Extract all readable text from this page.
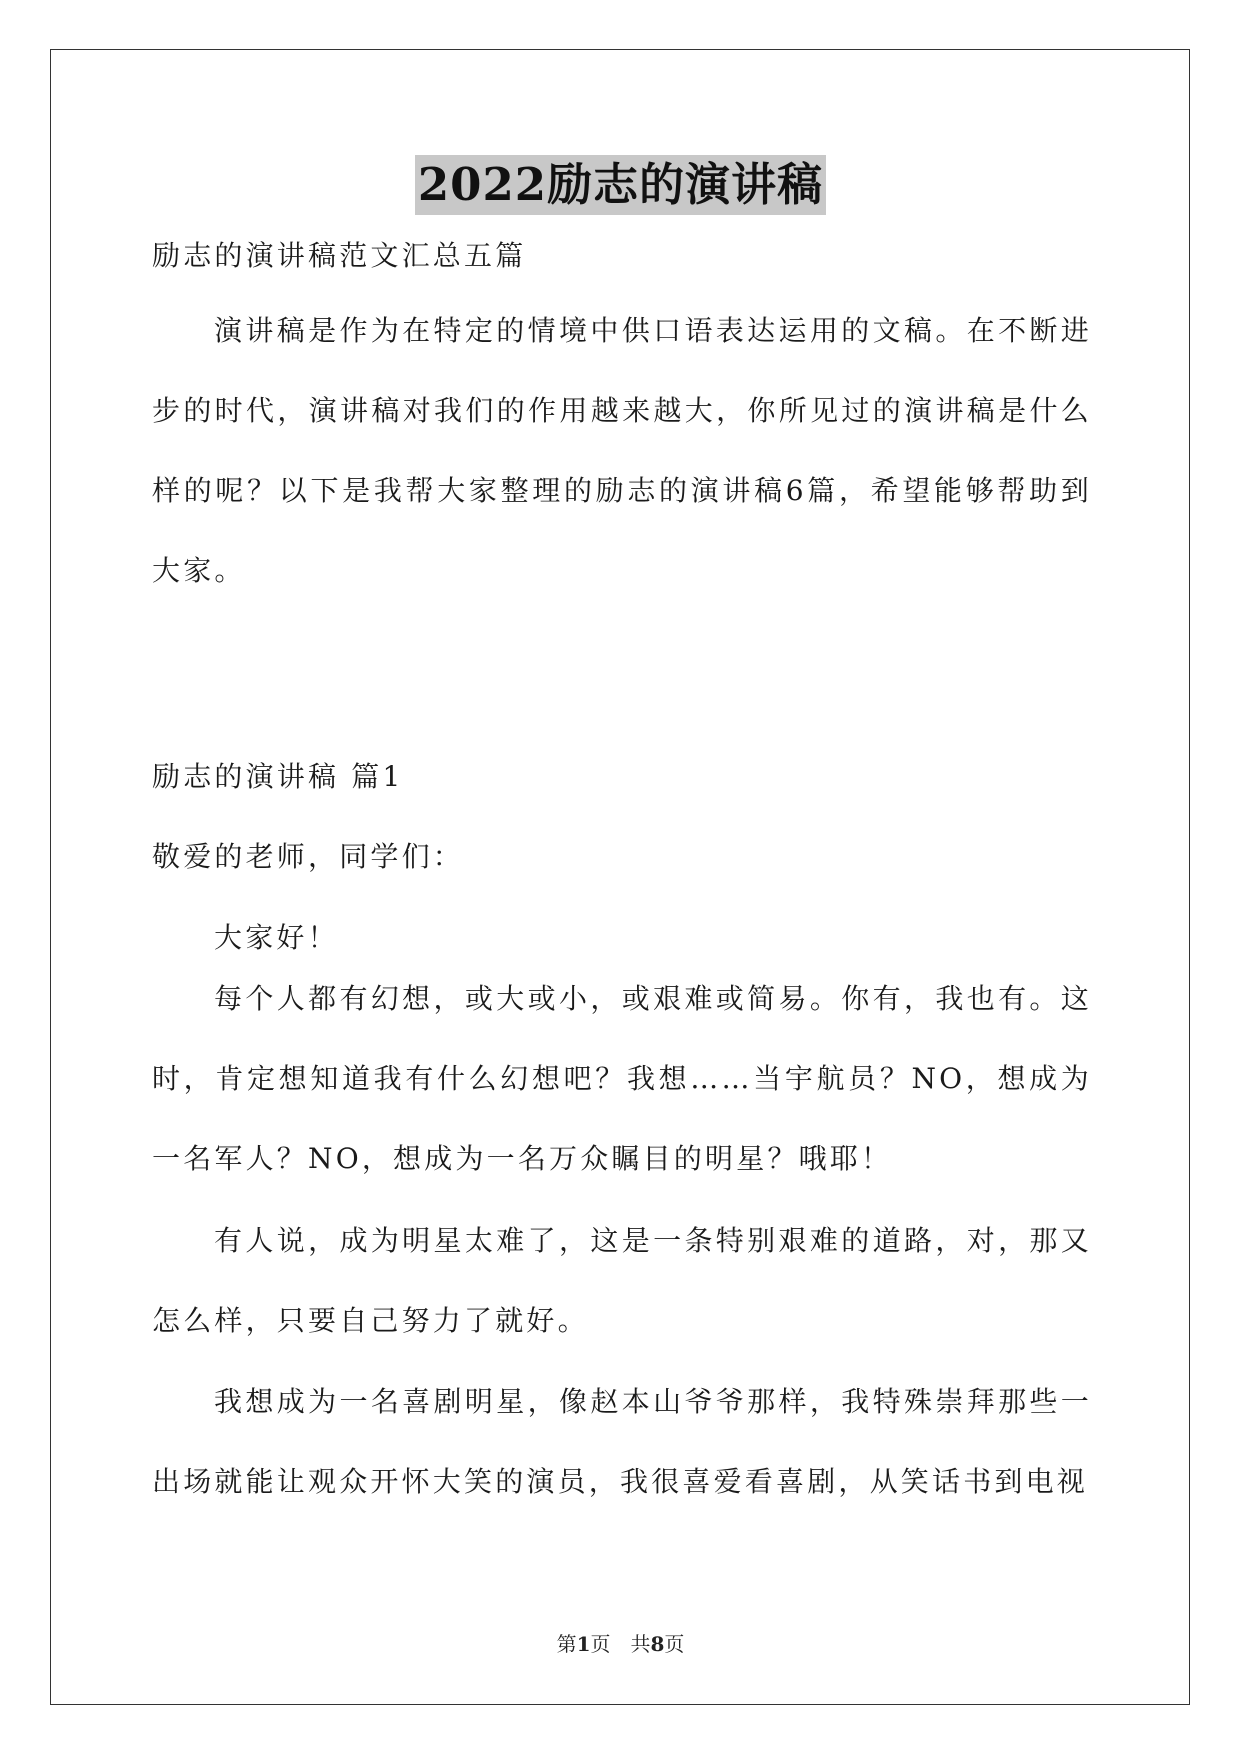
2022励志的演讲稿
励志的演讲稿范文汇总五篇
演讲稿是作为在特定的情境中供口语表达运用的文稿。在不断进步的时代，演讲稿对我们的作用越来越大，你所见过的演讲稿是什么样的呢？以下是我帮大家整理的励志的演讲稿6篇，希望能够帮助到大家。
励志的演讲稿 篇1
敬爱的老师，同学们：
大家好！
每个人都有幻想，或大或小，或艰难或简易。你有，我也有。这时，肯定想知道我有什么幻想吧？我想……当宇航员？NO，想成为一名军人？NO，想成为一名万众瞩目的明星？哦耶！
有人说，成为明星太难了，这是一条特别艰难的道路，对，那又怎么样，只要自己努力了就好。
我想成为一名喜剧明星，像赵本山爷爷那样，我特殊崇拜那些一出场就能让观众开怀大笑的演员，我很喜爱看喜剧，从笑话书到电视
第1页　共8页
